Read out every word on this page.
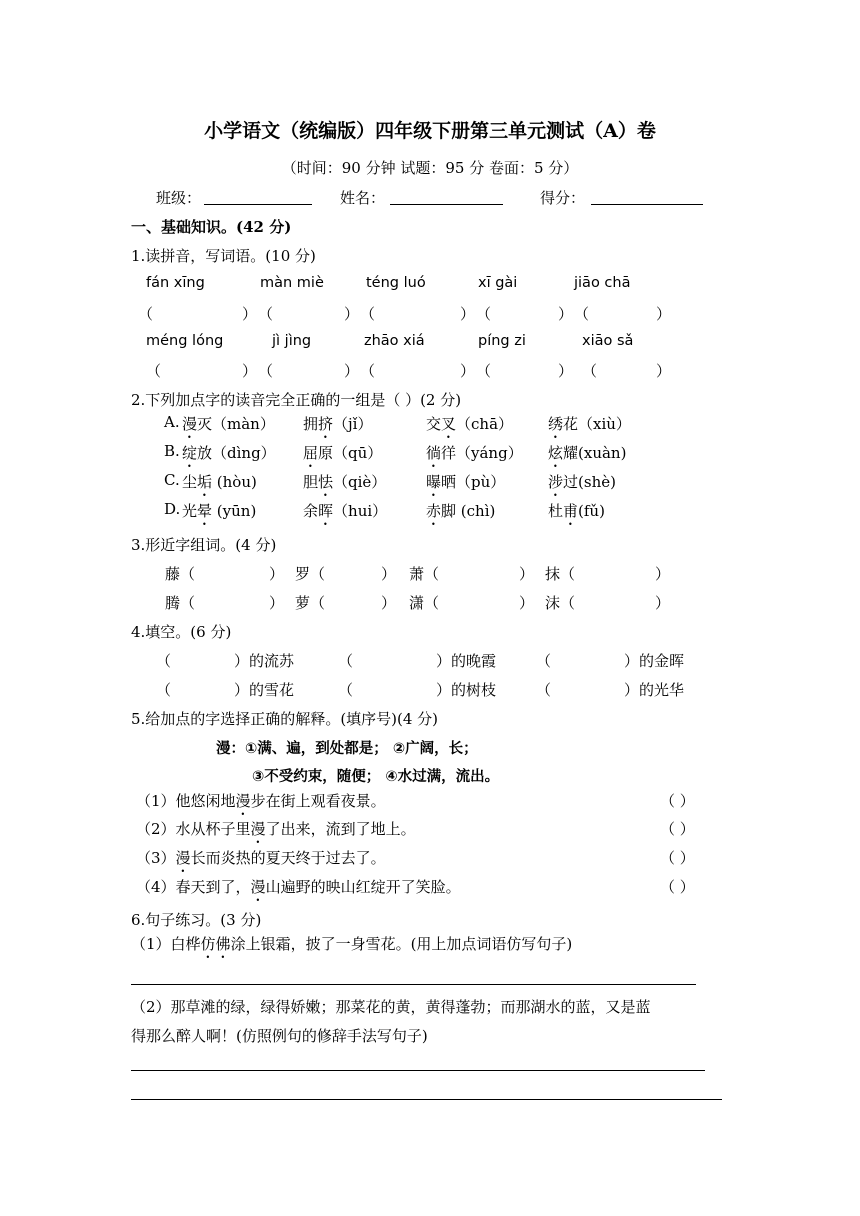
小学语文（统编版）四年级下册第三单元测试（A）卷
（时间：90 分钟 试题：95 分 卷面：5 分）
班级：	姓名：	得分：
一、基础知识。(42 分)
1.读拼音，写词语。(10 分)
fán xīng	màn miè	téng luó	xī gài	jiāo chā
（	） （	） （	） （	） （	）
méng lóng	jì jìng	zhāo xiá	píng zi	xiāo sǎ
（	） （	） （	） （	） （	）
2.下列加点字的读音完全正确的一组是（ ）(2 分)
A. 漫灭（màn） 拥挤（jǐ）	交叉（chā） 绣花（xiù）
B. 绽放（dìng） 屈原（qū）	徜徉（yáng） 炫耀(xuàn)
C. 尘垢 (hòu)	胆怯（qiè）	曝晒（pù）	涉过(shè)
D. 光晕 (yūn)	余晖（hui）	赤脚 (chì)	杜甫(fǔ)
3.形近字组词。(4 分)
藤（	） 罗（	） 萧（	） 抹（	）
腾（	） 萝（	） 潇（	） 沫（	）
4.填空。(6 分)
（	）的流苏	（	）的晚霞	（	）的金晖
（	）的雪花	（	）的树枝	（	）的光华
5.给加点的字选择正确的解释。(填序号)(4 分)
漫：①满、遍，到处都是； ②广阔，长；
③不受约束，随便； ④水过满，流出。
（1）他悠闲地漫步在街上观看夜景。	（ ）
（2）水从杯子里漫了出来，流到了地上。	（ ）
（3）漫长而炎热的夏天终于过去了。	（ ）
（4）春天到了，漫山遍野的映山红绽开了笑脸。	（ ）
6.句子练习。(3 分)
（1）白桦仿佛涂上银霜，披了一身雪花。(用上加点词语仿写句子)
（2）那草滩的绿，绿得娇嫩；那菜花的黄，黄得蓬勃；而那湖水的蓝，又是蓝
得那么醉人啊！(仿照例句的修辞手法写句子)
